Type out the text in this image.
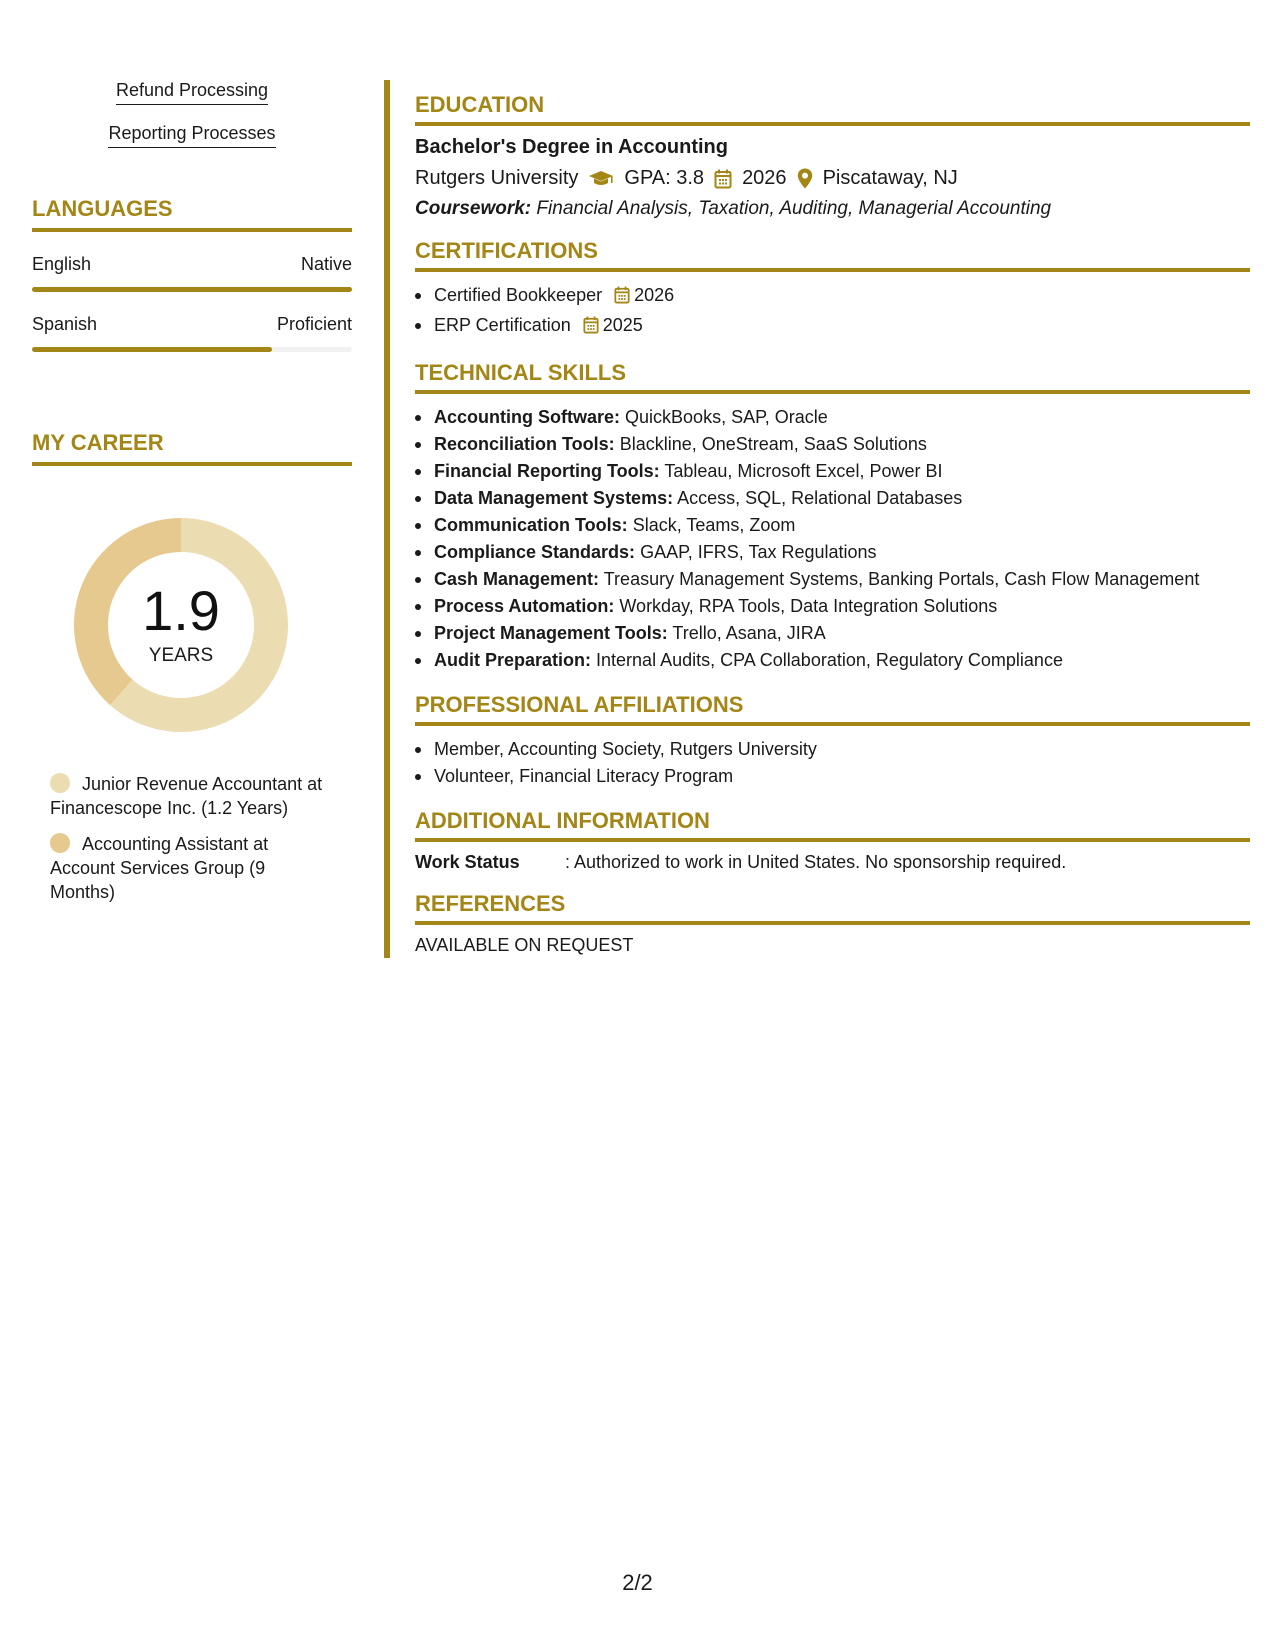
Refund Processing
Reporting Processes
LANGUAGES
English	Native
Spanish	Proficient
MY CAREER
1.9
YEARS
Junior Revenue Accountant at Financescope Inc. (1.2 Years)
Accounting Assistant at Account Services Group (9 Months)
EDUCATION
Bachelor's Degree in Accounting
Rutgers University GPA: 3.8 2026 Piscataway, NJ
Coursework: Financial Analysis, Taxation, Auditing, Managerial Accounting
CERTIFICATIONS
Certified Bookkeeper 2026
ERP Certification 2025
TECHNICAL SKILLS
Accounting Software: QuickBooks, SAP, Oracle
Reconciliation Tools: Blackline, OneStream, SaaS Solutions
Financial Reporting Tools: Tableau, Microsoft Excel, Power BI
Data Management Systems: Access, SQL, Relational Databases
Communication Tools: Slack, Teams, Zoom
Compliance Standards: GAAP, IFRS, Tax Regulations
Cash Management: Treasury Management Systems, Banking Portals, Cash Flow Management
Process Automation: Workday, RPA Tools, Data Integration Solutions
Project Management Tools: Trello, Asana, JIRA
Audit Preparation: Internal Audits, CPA Collaboration, Regulatory Compliance
PROFESSIONAL AFFILIATIONS
Member, Accounting Society, Rutgers University
Volunteer, Financial Literacy Program
ADDITIONAL INFORMATION
Work Status	: Authorized to work in United States. No sponsorship required.
REFERENCES
AVAILABLE ON REQUEST
2/2
